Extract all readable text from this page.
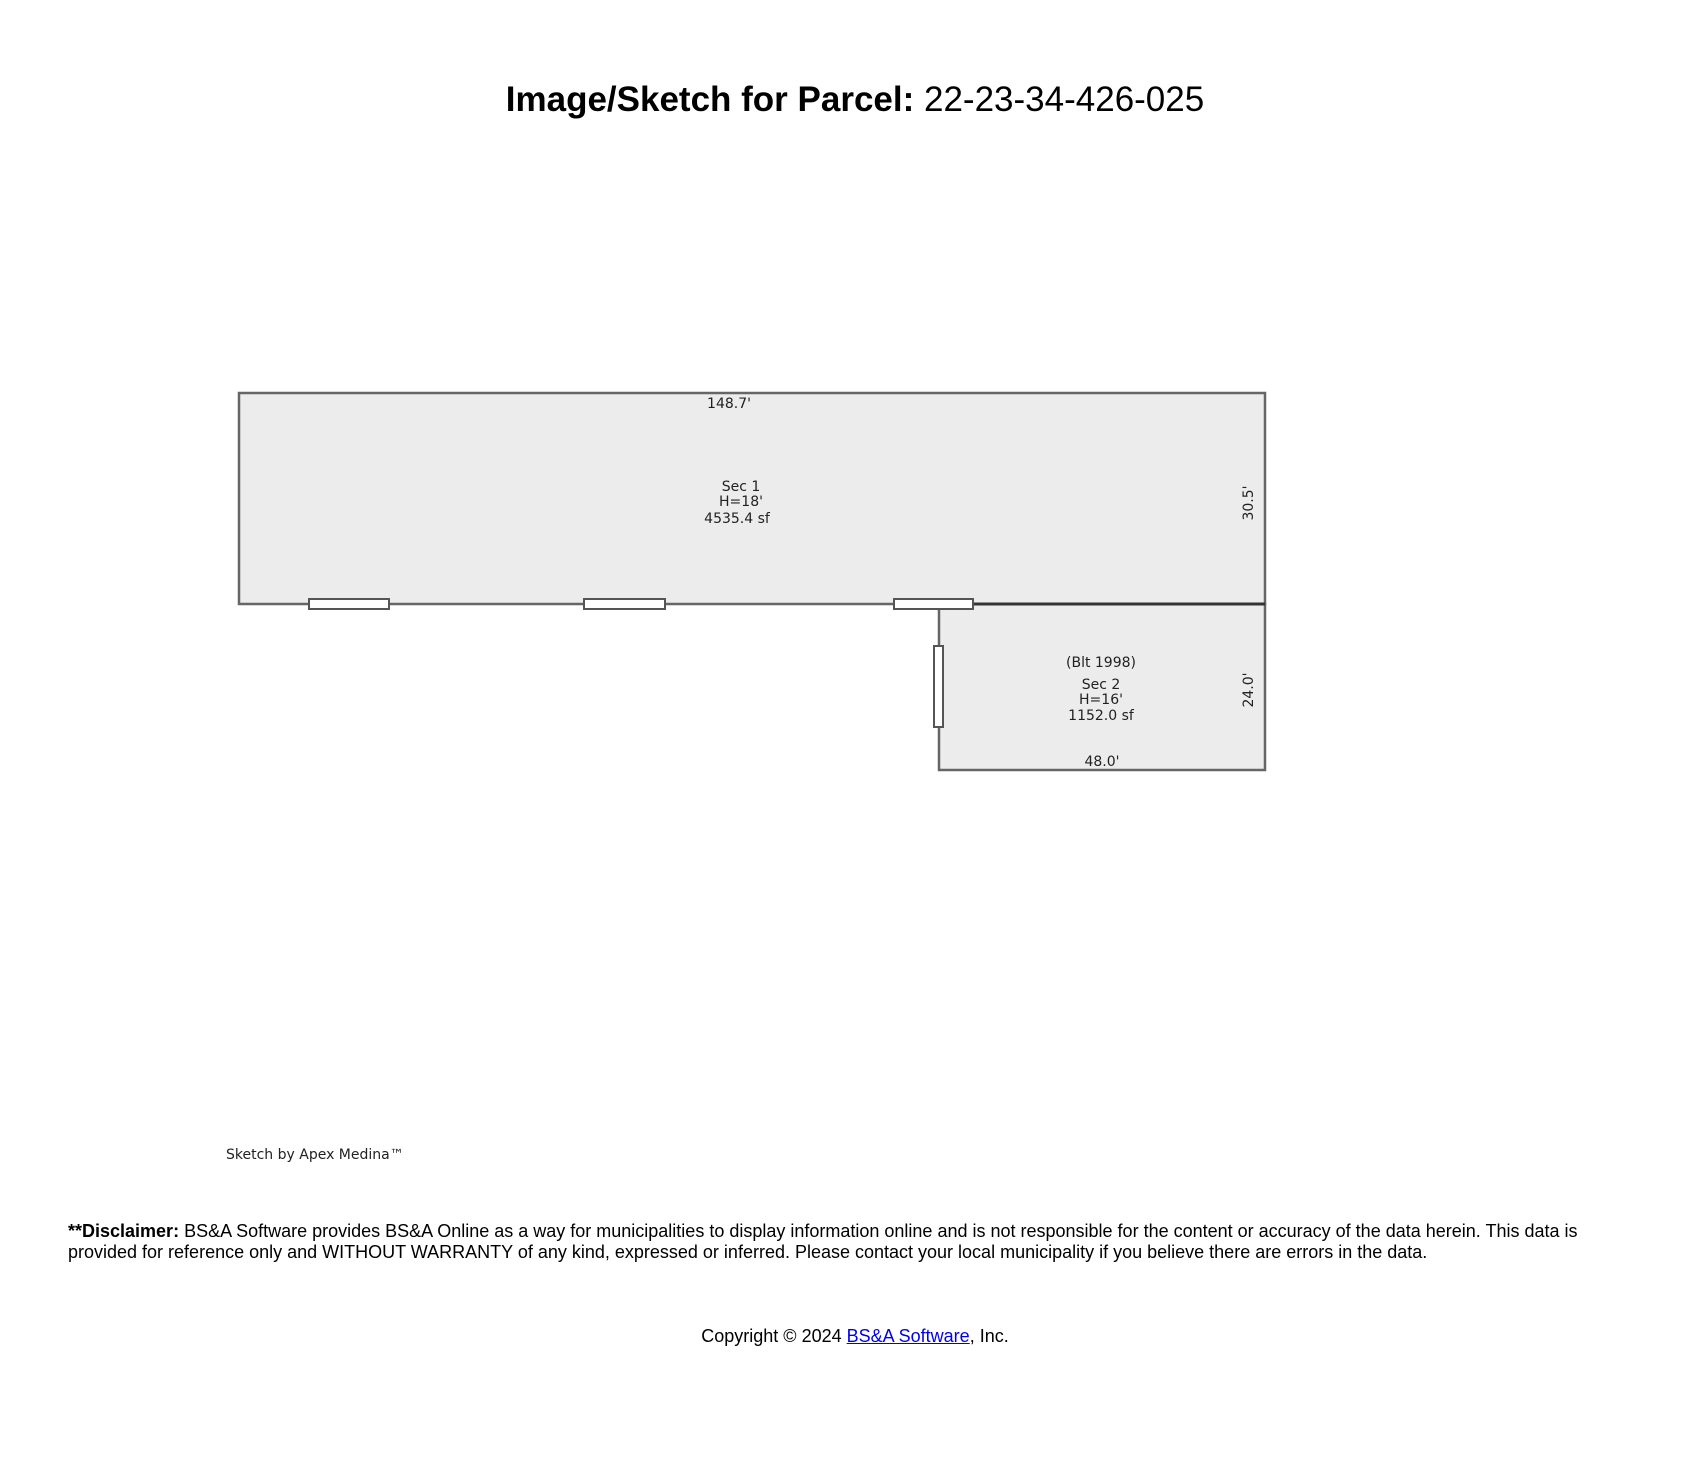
Image/Sketch for Parcel: 22-23-34-426-025
148.7'
Sec 1
H=18'
4535.4 sf	30.5'
(Blt 1998)
Sec 2
H=16'
1152.0 sf
24.0'
48.0'
Sketch by Apex Medina™
**Disclaimer: BS&A Software provides BS&A Online as a way for municipalities to display information online and is not responsible for the content or accuracy of the data herein. This data is provided for reference only and WITHOUT WARRANTY of any kind, expressed or inferred. Please contact your local municipality if you believe there are errors in the data.
Copyright © 2024 BS&A Software, Inc.
